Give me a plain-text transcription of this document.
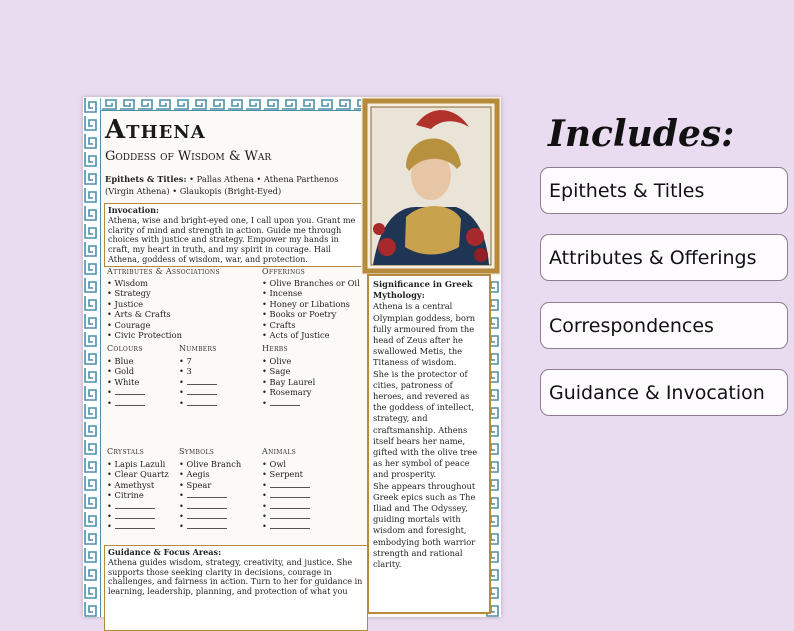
Athena
Goddess of Wisdom & War
Epithets & Titles: • Pallas Athena • Athena Parthenos (Virgin Athena) • Glaukopis (Bright-Eyed)
Invocation:
Athena, wise and bright-eyed one, I call upon you. Grant me clarity of mind and strength in action. Guide me through choices with justice and strategy. Empower my hands in craft, my heart in truth, and my spirit in courage. Hail Athena, goddess of wisdom, war, and protection.
Attributes & Associations
• Wisdom
• Strategy
• Justice
• Arts & Crafts
• Courage
• Civic Protection
Offerings
• Olive Branches or Oil
• Incense
• Honey or Libations
• Books or Poetry
• Crafts
• Acts of Justice
Colours
• Blue
• Gold
• White
•
•
Numbers
• 7
• 3
•
•
•
Herbs
• Olive
• Sage
• Bay Laurel
• Rosemary
•
Crystals
• Lapis Lazuli
• Clear Quartz
• Amethyst
• Citrine
•
•
•
Symbols
• Olive Branch
• Aegis
• Spear
•
•
•
•
Animals
• Owl
• Serpent
•
•
•
•
•
Guidance & Focus Areas:
Athena guides wisdom, strategy, creativity, and justice. She supports those seeking clarity in decisions, courage in challenges, and fairness in action. Turn to her for guidance in learning, leadership, planning, and protection of what you
Significance in Greek Mythology:
Athena is a central Olympian goddess, born fully armoured from the head of Zeus after he swallowed Metis, the Titaness of wisdom.
She is the protector of cities, patroness of heroes, and revered as the goddess of intellect, strategy, and craftsmanship. Athens itself bears her name, gifted with the olive tree as her symbol of peace and prosperity.
She appears throughout Greek epics such as The Iliad and The Odyssey, guiding mortals with wisdom and foresight, embodying both warrior strength and rational clarity.
Includes:
Epithets & Titles
Attributes & Offerings
Correspondences
Guidance & Invocation
